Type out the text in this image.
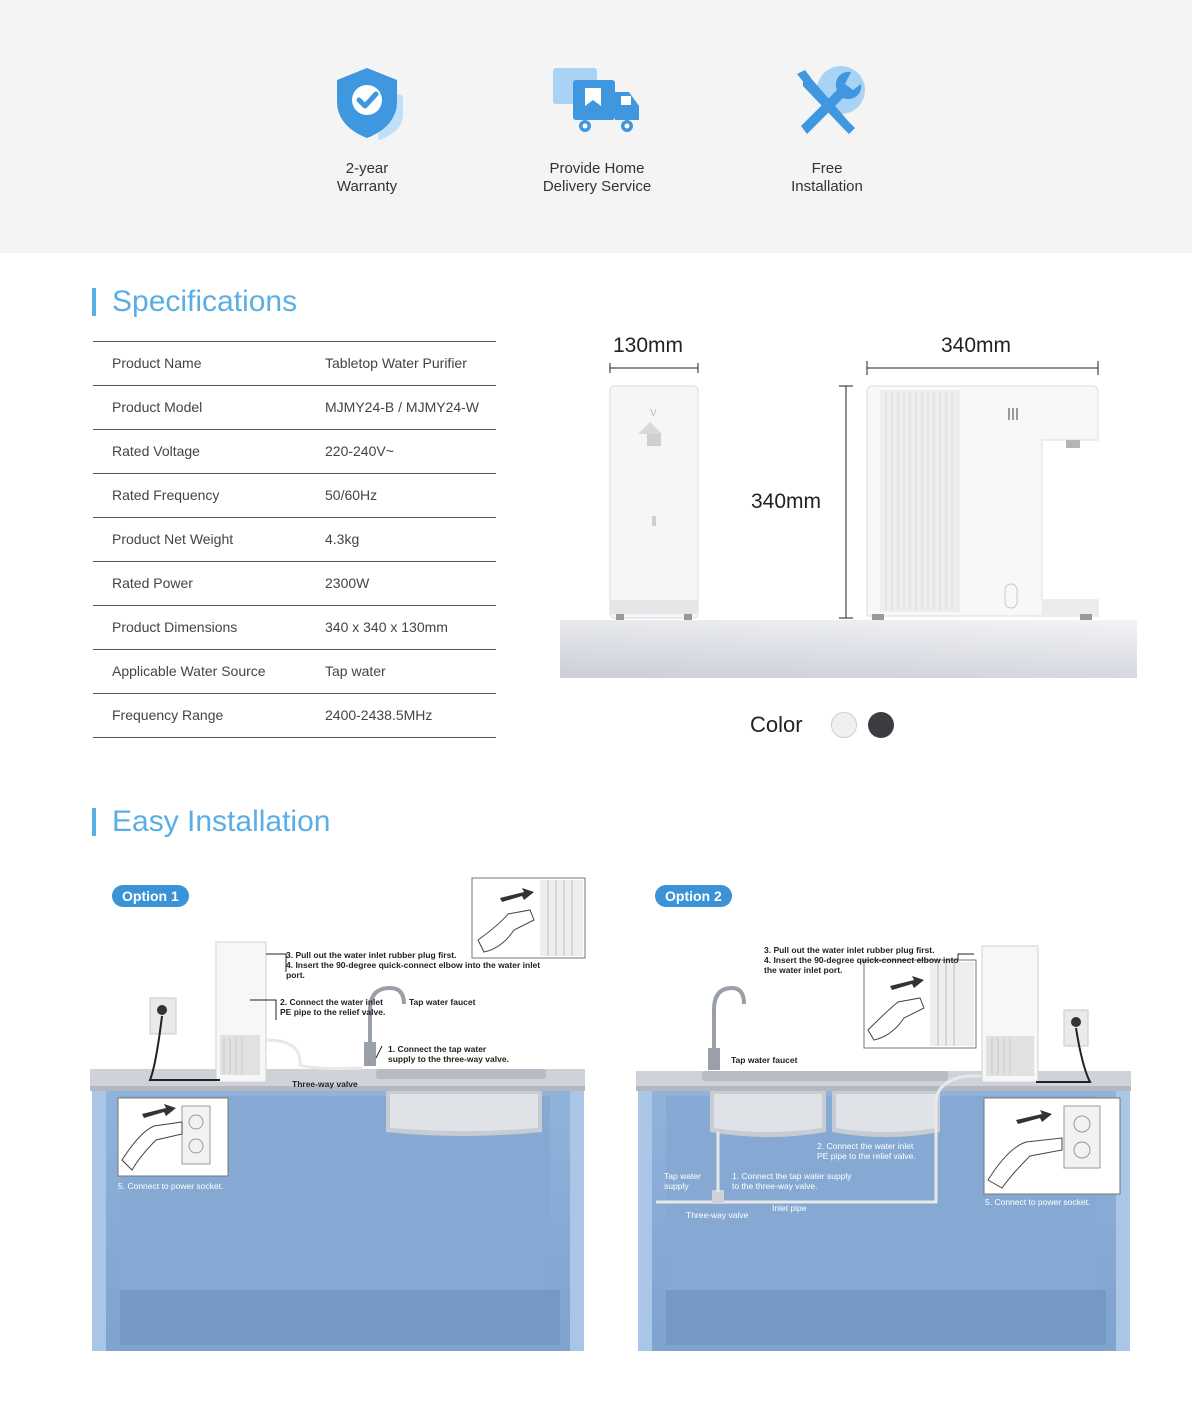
2-year
Warranty
Provide Home
Delivery Service
Free
Installation
Specifications
Product Name	Tabletop Water Purifier
Product Model	MJMY24-B / MJMY24-W
Rated Voltage	220-240V~
Rated Frequency	50/60Hz
Product Net Weight	4.3kg
Rated Power	2300W
Product Dimensions	340 x 340 x 130mm
Applicable Water Source	Tap water
Frequency Range	2400-2438.5MHz
V
130mm	340mm
340mm
Color
Easy Installation
Option 1	Option 2
3. Pull out the water inlet rubber plug first.
4. Insert the 90-degree quick-connect elbow into the water inlet
port.
2. Connect the water inlet
PE pipe to the relief valve.
Tap water faucet
1. Connect the tap water
supply to the three-way valve.
Three-way valve
5. Connect to power socket.
3. Pull out the water inlet rubber plug first.
4. Insert the 90-degree quick-connect elbow into
the water inlet port.
Tap water faucet
2. Connect the water inlet
PE pipe to the relief valve.
Tap water
supply
1. Connect the tap water supply
to the three-way valve.
Inlet pipe
Three-way valve
5. Connect to power socket.
